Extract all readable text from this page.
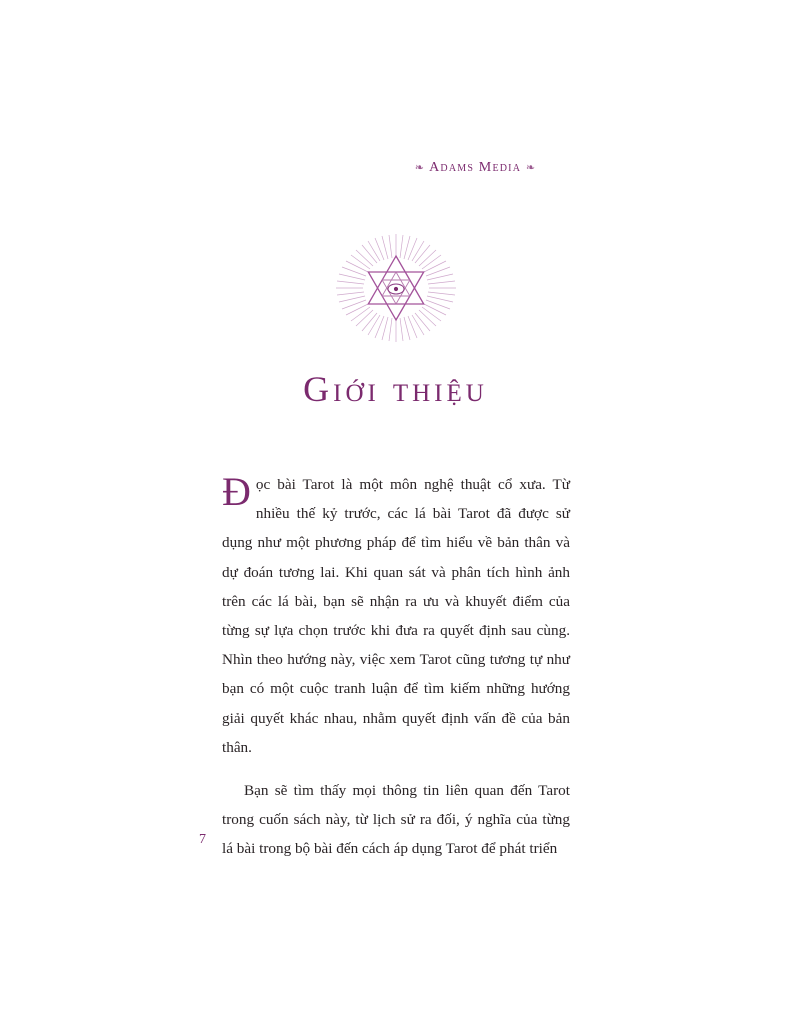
❧ Adams Media ❧
Giới thiệu

Đọc bài Tarot là một môn nghệ thuật cổ xưa. Từ nhiều thế kỷ trước, các lá bài Tarot đã được sử dụng như một phương pháp để tìm hiểu về bản thân và dự đoán tương lai. Khi quan sát và phân tích hình ảnh trên các lá bài, bạn sẽ nhận ra ưu và khuyết điểm của từng sự lựa chọn trước khi đưa ra quyết định sau cùng. Nhìn theo hướng này, việc xem Tarot cũng tương tự như bạn có một cuộc tranh luận để tìm kiếm những hướng giải quyết khác nhau, nhằm quyết định vấn đề của bản thân.

Bạn sẽ tìm thấy mọi thông tin liên quan đến Tarot trong cuốn sách này, từ lịch sử ra đối, ý nghĩa của từng lá bài trong bộ bài đến cách áp dụng Tarot để phát triển

7
